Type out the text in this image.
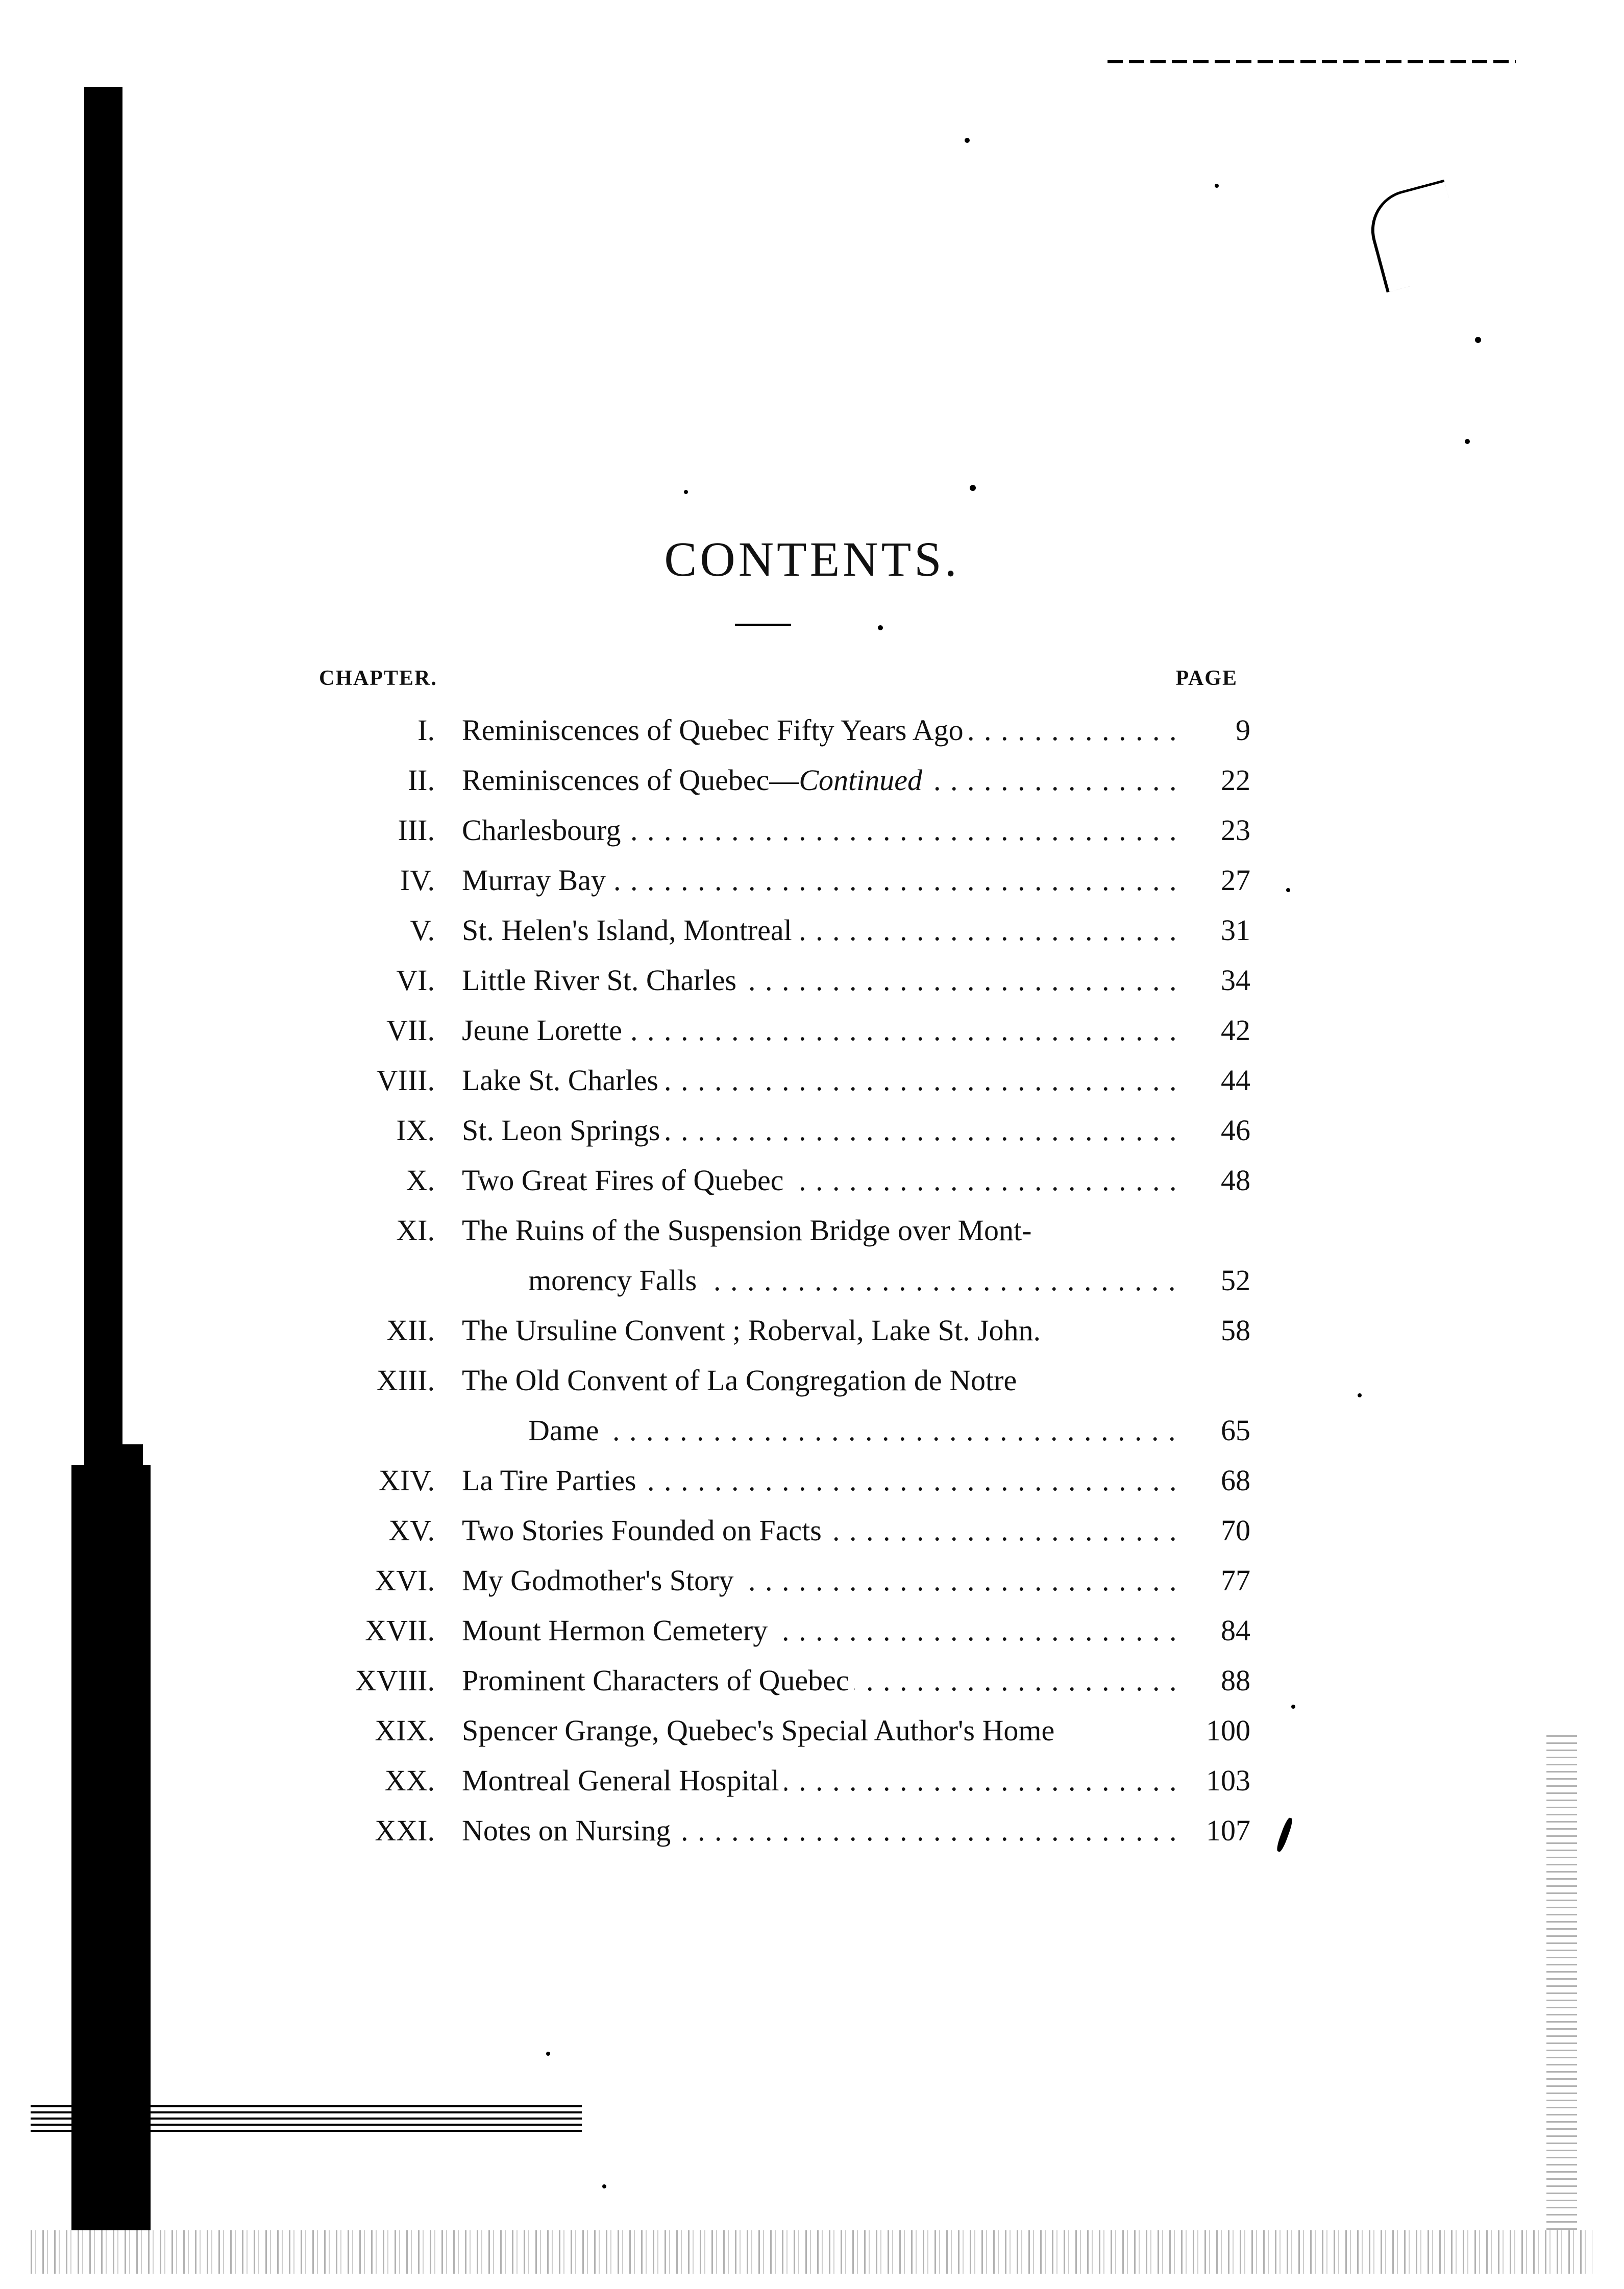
CONTENTS.
CHAPTER.	PAGE
I. Reminiscences of Quebec Fifty Years Ago . . .	9
II. Reminiscences of Quebec—Continued . . .	22
III. Charlesbourg . . .	23
IV. Murray Bay . . .	27
V. St. Helen's Island, Montreal . . .	31
VI. Little River St. Charles . . .	34
VII. Jeune Lorette . . .	42
VIII. Lake St. Charles . . .	44
IX. St. Leon Springs . . .	46
X. Two Great Fires of Quebec . . .	48
XI. The Ruins of the Suspension Bridge over Mont-
morency Falls . . .	52
XII. The Ursuline Convent ; Roberval, Lake St. John.	58
XIII. The Old Convent of La Congregation de Notre
Dame . . .	65
XIV. La Tire Parties . . .	68
XV. Two Stories Founded on Facts . . .	70
XVI. My Godmother's Story . . .	77
XVII. Mount Hermon Cemetery . . .	84
XVIII. Prominent Characters of Quebec . . .	88
XIX. Spencer Grange, Quebec's Special Author's Home	100
XX. Montreal General Hospital . . .	103
XXI. Notes on Nursing . . .	107
